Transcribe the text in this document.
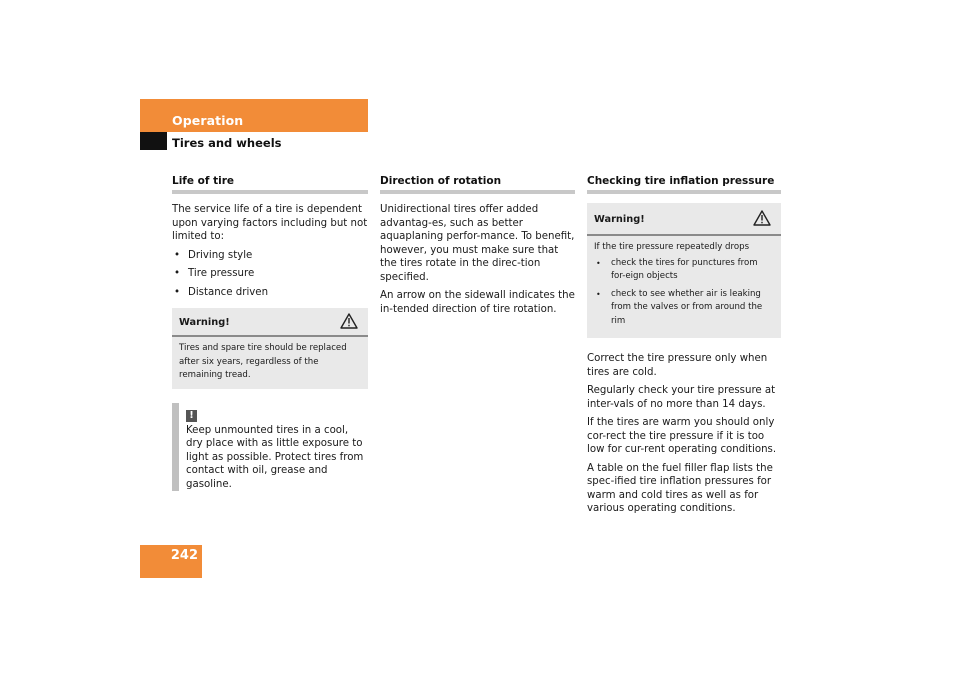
Operation
Tires and wheels
Life of tire

The service life of a tire is dependent upon varying factors including but not limited to:

• Driving style
• Tire pressure
• Distance driven
Warning!
Tires and spare tire should be replaced after six years, regardless of the remaining tread.
!

Keep unmounted tires in a cool, dry place with as little exposure to light as possible. Protect tires from contact with oil, grease and gasoline.

Direction of rotation

Unidirectional tires offer added advantag-es, such as better aquaplaning perfor-mance. To benefit, however, you must make sure that the tires rotate in the direc-tion specified.

An arrow on the sidewall indicates the in-tended direction of tire rotation.

Checking tire inflation pressure
Warning!
If the tire pressure repeatedly drops
• check the tires for punctures from for-eign objects
• check to see whether air is leaking from the valves or from around the rim

Correct the tire pressure only when tires are cold.

Regularly check your tire pressure at inter-vals of no more than 14 days.

If the tires are warm you should only cor-rect the tire pressure if it is too low for cur-rent operating conditions.

A table on the fuel filler flap lists the spec-ified tire inflation pressures for warm and cold tires as well as for various operating conditions.

242
